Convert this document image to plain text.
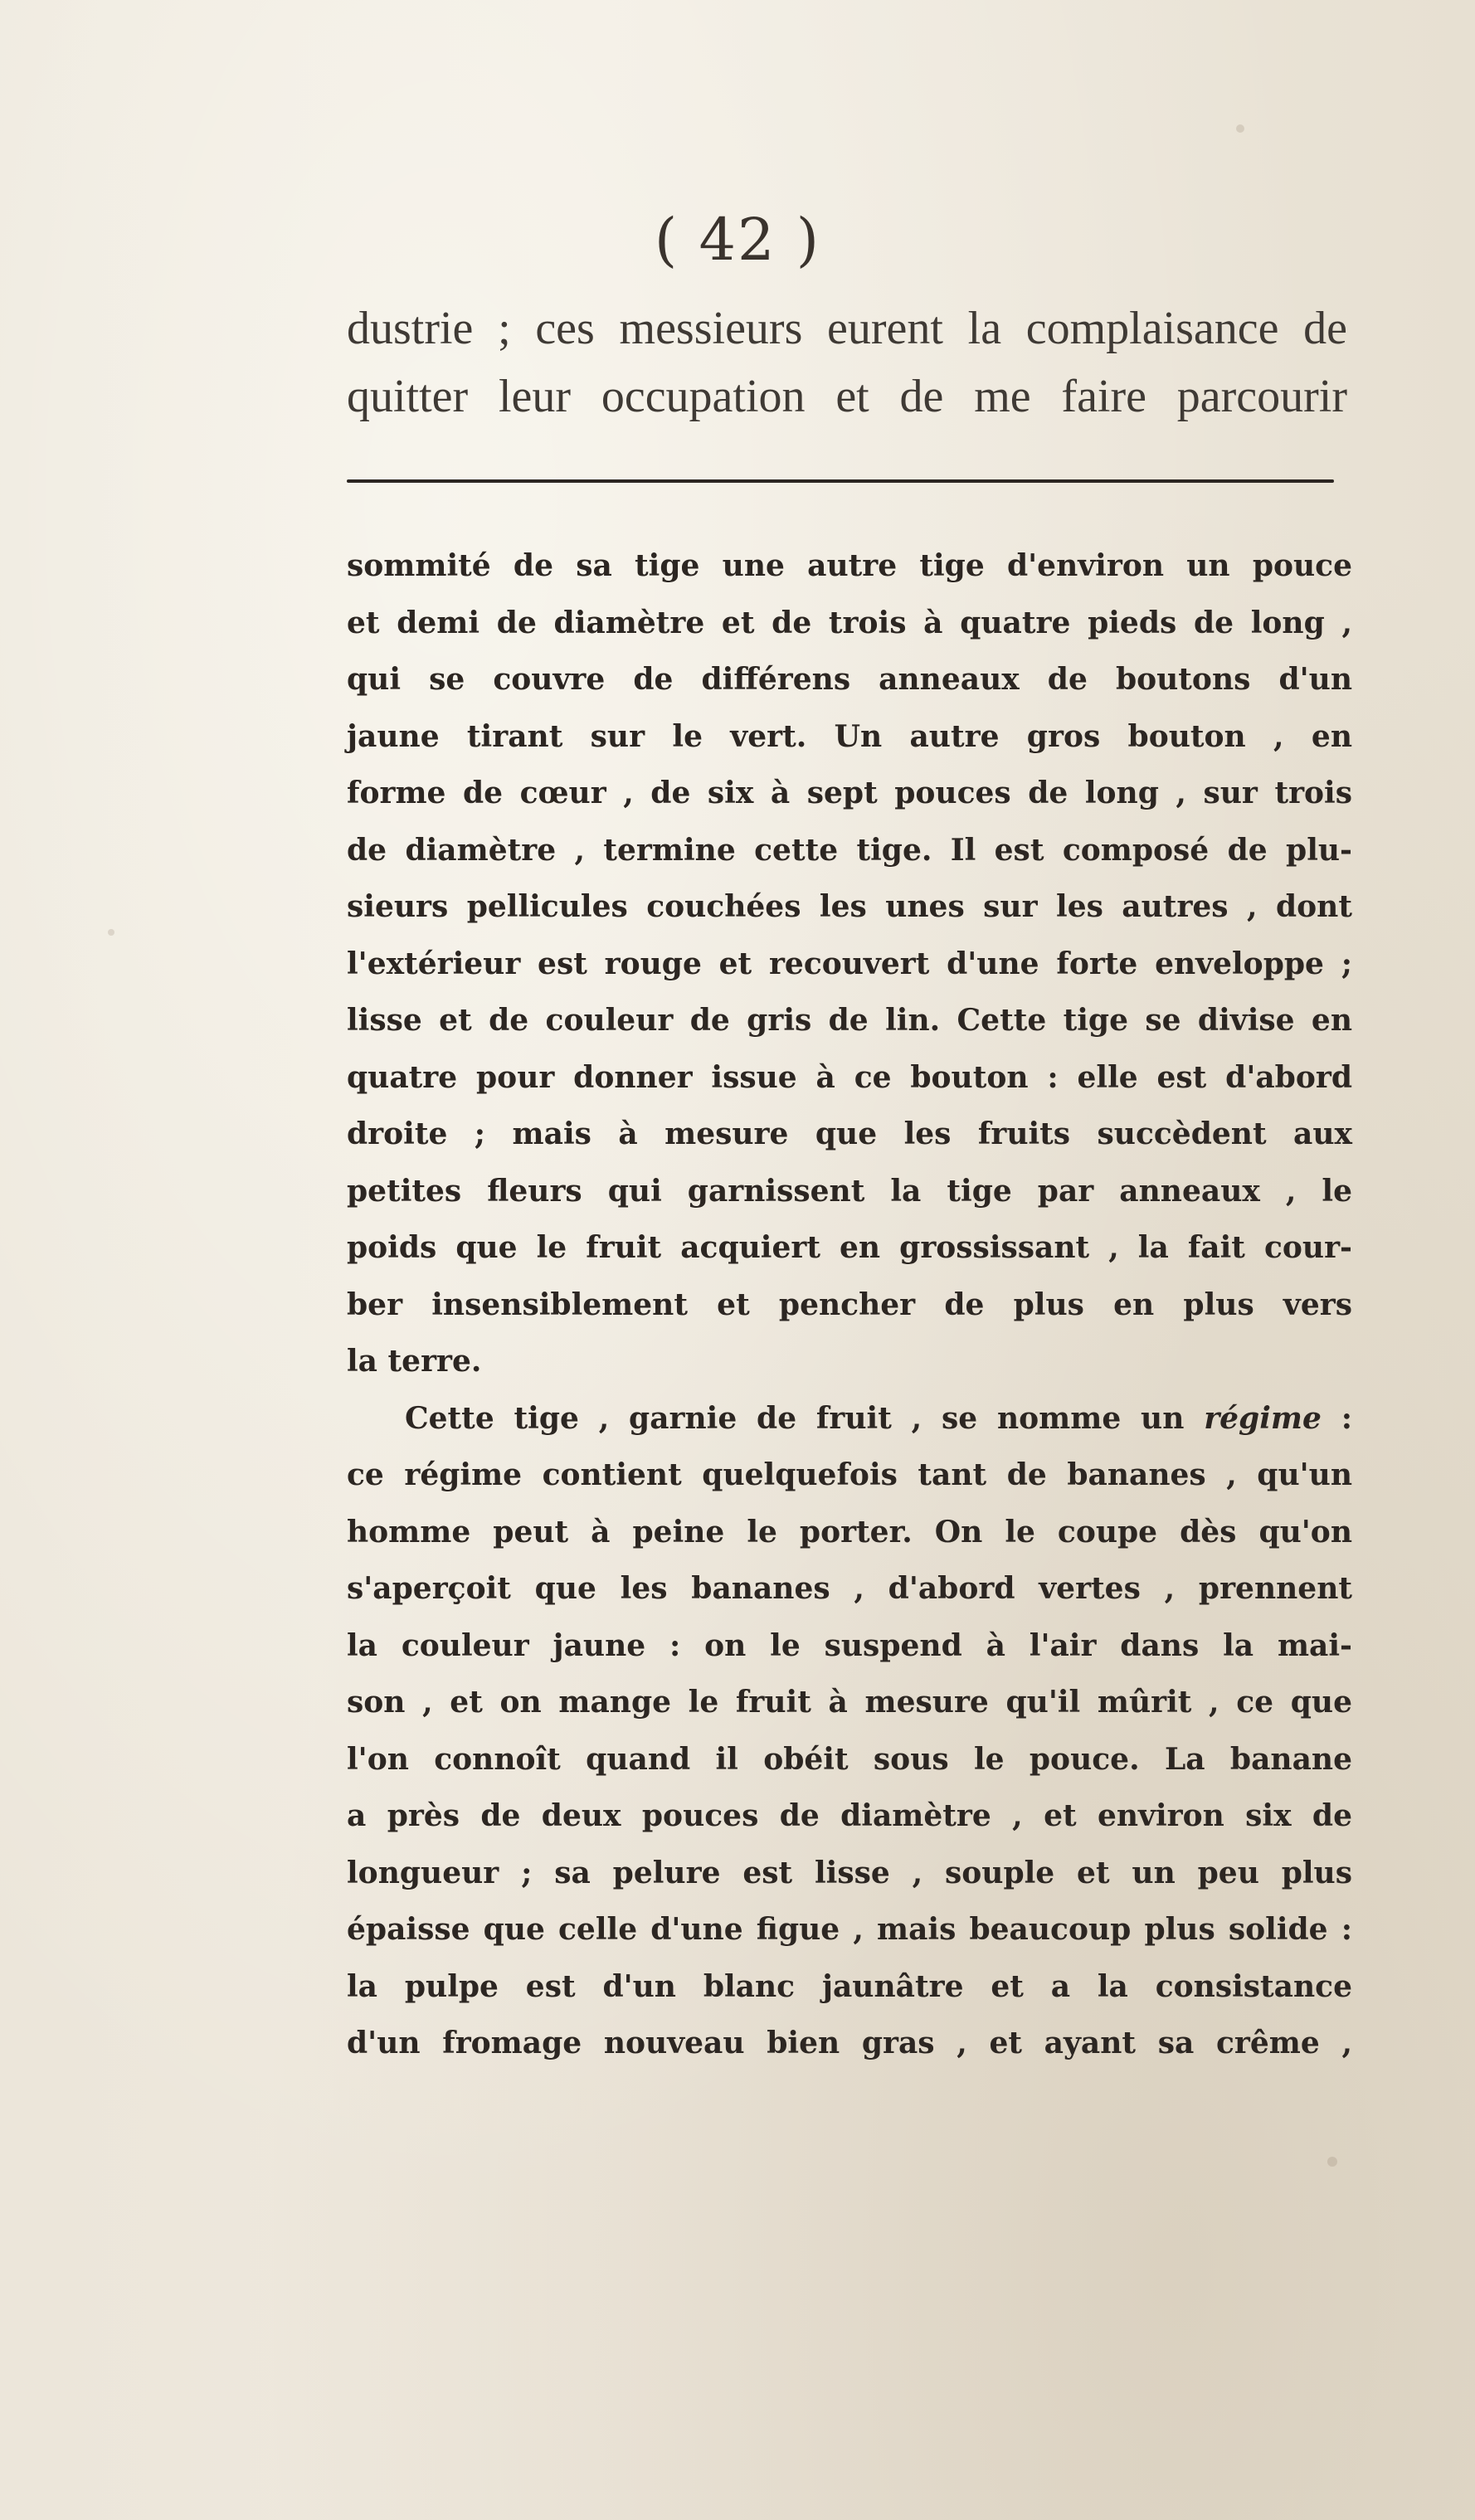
( 42 )
dustrie ; ces messieurs eurent la complaisance de
quitter leur occupation et de me faire parcourir
sommité de sa tige une autre tige d'environ un pouce
et demi de diamètre et de trois à quatre pieds de long ,
qui se couvre de différens anneaux de boutons d'un
jaune tirant sur le vert. Un autre gros bouton , en
forme de cœur , de six à sept pouces de long , sur trois
de diamètre , termine cette tige. Il est composé de plu-
sieurs pellicules couchées les unes sur les autres , dont
l'extérieur est rouge et recouvert d'une forte enveloppe ;
lisse et de couleur de gris de lin. Cette tige se divise en
quatre pour donner issue à ce bouton : elle est d'abord
droite ; mais à mesure que les fruits succèdent aux
petites fleurs qui garnissent la tige par anneaux , le
poids que le fruit acquiert en grossissant , la fait cour-
ber insensiblement et pencher de plus en plus vers
la terre.
Cette tige , garnie de fruit , se nomme un régime :
ce régime contient quelquefois tant de bananes , qu'un
homme peut à peine le porter. On le coupe dès qu'on
s'aperçoit que les bananes , d'abord vertes , prennent
la couleur jaune : on le suspend à l'air dans la mai-
son , et on mange le fruit à mesure qu'il mûrit , ce que
l'on connoît quand il obéit sous le pouce. La banane
a près de deux pouces de diamètre , et environ six de
longueur ; sa pelure est lisse , souple et un peu plus
épaisse que celle d'une figue , mais beaucoup plus solide :
la pulpe est d'un blanc jaunâtre et a la consistance
d'un fromage nouveau bien gras , et ayant sa crême ,
